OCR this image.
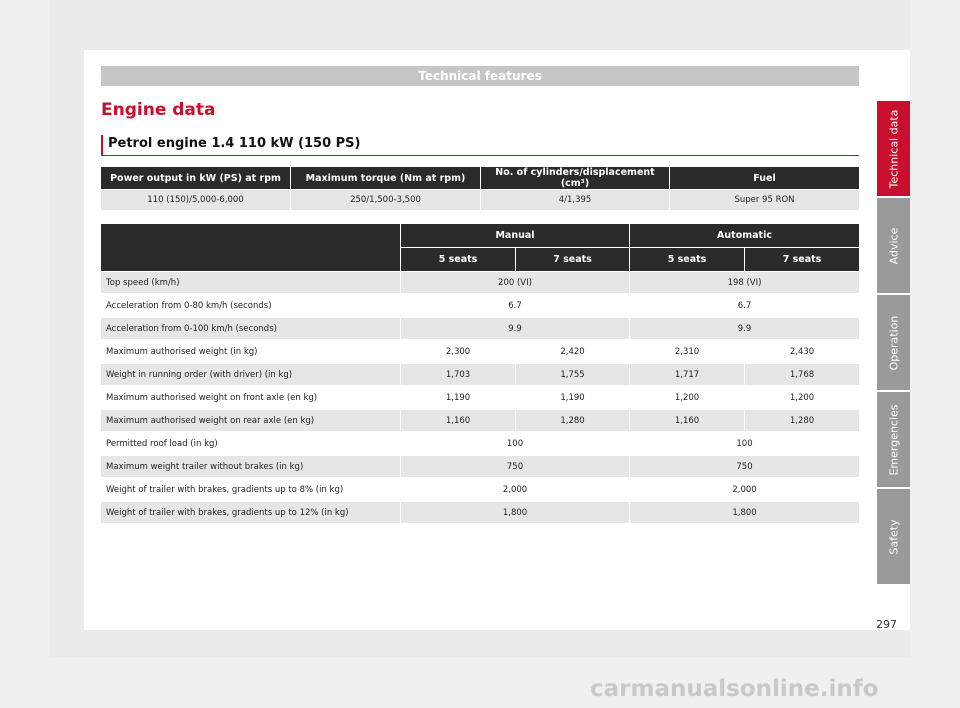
Technical features
Engine data
Petrol engine 1.4 110 kW (150 PS)
Power output in kW (PS) at rpm	Maximum torque (Nm at rpm)	No. of cylinders/displacement (cm³)	Fuel
110 (150)/5,000-6,000	250/1,500-3,500	4/1,395	Super 95 RON
	Manual		Automatic	
	5 seats	7 seats	5 seats	7 seats
Top speed (km/h)	200 (VI)		198 (VI)	
Acceleration from 0-80 km/h (seconds)	6.7		6.7	
Acceleration from 0-100 km/h (seconds)	9.9		9.9	
Maximum authorised weight (in kg)	2,300	2,420	2,310	2,430
Weight in running order (with driver) (in kg)	1,703	1,755	1,717	1,768
Maximum authorised weight on front axle (en kg)	1,190	1,190	1,200	1,200
Maximum authorised weight on rear axle (en kg)	1,160	1,280	1,160	1,280
Permitted roof load (in kg)	100		100	
Maximum weight trailer without brakes (in kg)	750		750	
Weight of trailer with brakes, gradients up to 8% (in kg)	2,000		2,000	
Weight of trailer with brakes, gradients up to 12% (in kg)	1,800		1,800	
Technical data
Advice
Operation
Emergencies
Safety
297
carmanualsonline.info
